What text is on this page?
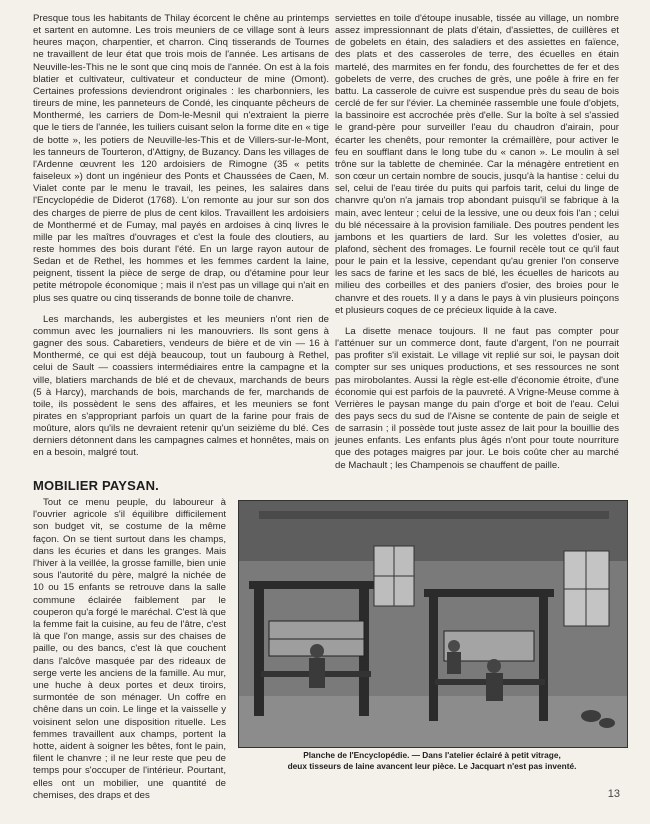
Presque tous les habitants de Thilay écorcent le chêne au printemps et sartent en automne. Les trois meuniers de ce village sont à leurs heures maçon, charpentier, et charron. Cinq tisserands de Tournes ne travaillent de leur état que trois mois de l'année. Les artisans de Neuville-les-This ne le sont que cinq mois de l'année. On est à la fois blatier et cultivateur, cultivateur et conducteur de mine (Omont). Certaines professions deviendront originales : les charbonniers, les tireurs de mine, les panneteurs de Condé, les cinquante pêcheurs de Monthermé, les carriers de Dom-le-Mesnil qui n'extraient la pierre que le tiers de l'année, les tuiliers cuisant selon la forme dite en « tige de botte », les potiers de Neuville-les-This et de Villers-sur-le-Mont, les tanneurs de Tourteron, d'Attigny, de Buzancy. Dans les villages de l'Ardenne œuvrent les 120 ardoisiers de Rimogne (35 « petits faiseleux ») dont un ingénieur des Ponts et Chaussées de Caen, M. Vialet conte par le menu le travail, les peines, les salaires dans l'Encyclopédie de Diderot (1768). L'on remonte au jour sur son dos des charges de pierre de plus de cent kilos. Travaillent les ardoisiers de Monthermé et de Fumay, mal payés en ardoises à cinq livres le mille par les maîtres d'ouvrages et c'est la foule des cloutiers, au reste hommes des bois durant l'été. En un large rayon autour de Sedan et de Rethel, les hommes et les femmes cardent la laine, peignent, tissent la pièce de serge de drap, ou d'étamine pour leur petite métropole économique ; mais il n'est pas un village qui n'ait en plus ses quatre ou cinq tisserands de bonne toile de chanvre.

Les marchands, les aubergistes et les meuniers n'ont rien de commun avec les journaliers ni les manouvriers. Ils sont gens à gagner des sous. Cabaretiers, vendeurs de bière et de vin — 16 à Monthermé, ce qui est déjà beaucoup, tout un faubourg à Rethel, celui de Sault — coassiers intermédiaires entre la campagne et la ville, blatiers marchands de blé et de chevaux, marchands de beurs (5 à Harcy), marchands de bois, marchands de fer, marchands de toile, ils possèdent le sens des affaires, et les meuniers se font pirates en s'appropriant parfois un quart de la farine pour frais de moûture, alors qu'ils ne devraient retenir qu'un seizième du blé. Ces derniers détonnent dans les campagnes calmes et honnêtes, mais on en a besoin, malgré tout.

serviettes en toile d'étoupe inusable, tissée au village, un nombre assez impressionnant de plats d'étain, d'assiettes, de cuillères et de gobelets en étain, des saladiers et des assiettes en faïence, des plats et des casseroles de terre, des écuelles en étain martelé, des marmites en fer fondu, des fourchettes de fer et des gobelets de verre, des cruches de grès, une poêle à frire en fer battu. La casserole de cuivre est suspendue près du seau de bois cerclé de fer sur l'évier. La cheminée rassemble une foule d'objets, la bassinoire est accrochée près d'elle. Sur la boîte à sel s'assied le grand-père pour surveiller l'eau du chaudron d'airain, pour écarter les chenêts, pour remonter la crémaillère, pour activer le feu en soufflant dans le long tube du « canon ». Le moulin à sel trône sur la tablette de cheminée. Car la ménagère entretient en son cœur un certain nombre de soucis, jusqu'à la hantise : celui du sel, celui de l'eau tirée du puits qui parfois tarit, celui du linge de chanvre qu'on n'a jamais trop abondant puisqu'il se fabrique à la main, avec lenteur ; celui de la lessive, une ou deux fois l'an ; celui du blé nécessaire à la provision familiale. Des poutres pendent les jambons et les quartiers de lard. Sur les volettes d'osier, au plafond, sèchent des fromages. Le fournil recèle tout ce qu'il faut pour le pain et la lessive, cependant qu'au grenier l'on conserve les sacs de farine et les sacs de blé, les écuelles de haricots au milieu des corbeilles et des paniers d'osier, des broies pour le chanvre et des rouets. Il y a dans le pays à vin plusieurs poinçons et plusieurs coques de ce précieux liquide à la cave.

La disette menace toujours. Il ne faut pas compter pour l'atténuer sur un commerce dont, faute d'argent, l'on ne pourrait pas profiter s'il existait. Le village vit replié sur soi, le paysan doit compter sur ses uniques productions, et ses ressources ne sont pas mirobolantes. Aussi la règle est-elle d'économie étroite, d'une économie qui est parfois de la pauvreté. A Vrigne-Meuse comme à Verrières le paysan mange du pain d'orge et boit de l'eau. Celui des pays secs du sud de l'Aisne se contente de pain de seigle et de sarrasin ; il possède tout juste assez de lait pour la bouillie des jeunes enfants. Les enfants plus âgés n'ont pour toute nourriture que des potages maigres par jour. Le bois coûte cher au marché de Machault ; les Champenois se chauffent de paille.

MOBILIER PAYSAN.

Tout ce menu peuple, du laboureur à l'ouvrier agricole s'il équilibre difficilement son budget vit, se costume de la même façon. On se tient surtout dans les champs, dans les écuries et dans les granges. Mais l'hiver à la veillée, la grosse famille, bien unie sous l'autorité du père, malgré la nichée de 10 ou 15 enfants se retrouve dans la salle commune éclairée faiblement par le couperon qu'a forgé le maréchal. C'est là que la femme fait la cuisine, au feu de l'âtre, c'est là que l'on mange, assis sur des chaises de paille, ou des bancs, c'est là que couchent dans l'alcôve masquée par des rideaux de serge verte les anciens de la famille. Au mur, une huche à deux portes et deux tiroirs, surmontée de son ménager. Un coffre en chêne dans un coin. Le linge et la vaisselle y voisinent selon une disposition rituelle. Les femmes travaillent aux champs, portent la hotte, aident à soigner les bêtes, font le pain, filent le chanvre ; il ne leur reste que peu de temps pour s'occuper de l'intérieur. Pourtant, elles ont un mobilier, une quantité de chemises, des draps et des

Planche de l'Encyclopédie. — Dans l'atelier éclairé à petit vitrage,
deux tisseurs de laine avancent leur pièce. Le Jacquart n'est pas inventé.
13
